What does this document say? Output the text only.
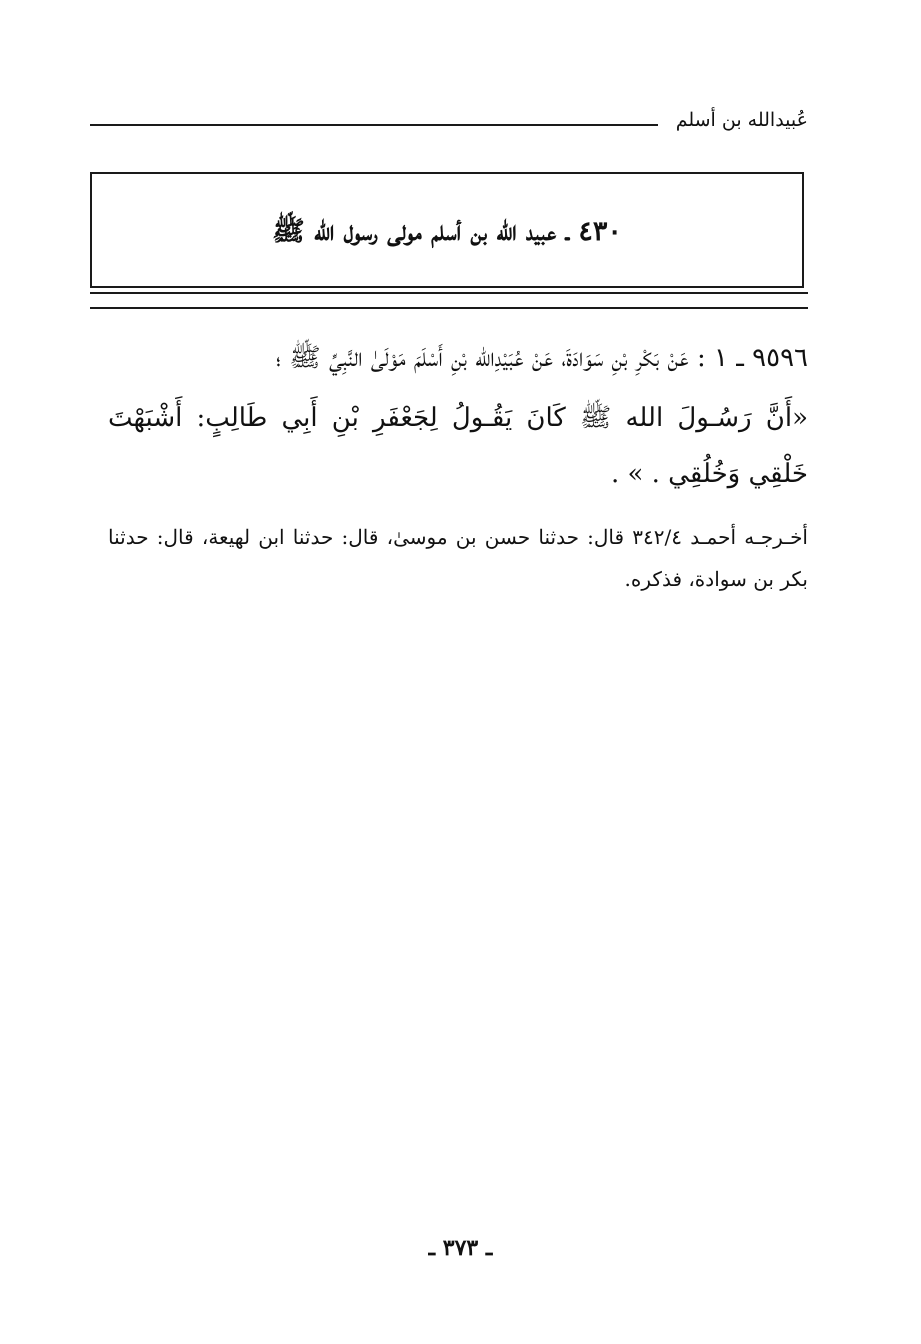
عُبيدالله بن أسلم
٤٣٠ ـ عبيد الله بن أسلم مولى رسول الله ﷺ

٩٥٩٦ ـ ١ : عَنْ بَكْرِ بْنِ سَوَادَةَ، عَنْ عُبَيْدِالله بْنِ أَسْلَمَ مَوْلَىٰ النَّبِيِّ ﷺ ؛

«أَنَّ رَسُـولَ الله ﷺ كَانَ يَقُـولُ لِجَعْفَرِ بْنِ أَبِي طَالِبٍ: أَشْبَهْتَ خَلْقِي وَخُلُقِي . » .

أخـرجـه أحمـد ٣٤٢/٤ قال: حدثنا حسن بن موسىٰ، قال: حدثنا ابن لهيعة، قال: حدثنا بكر بن سوادة، فذكره.

ـ ٣٧٣ ـ
